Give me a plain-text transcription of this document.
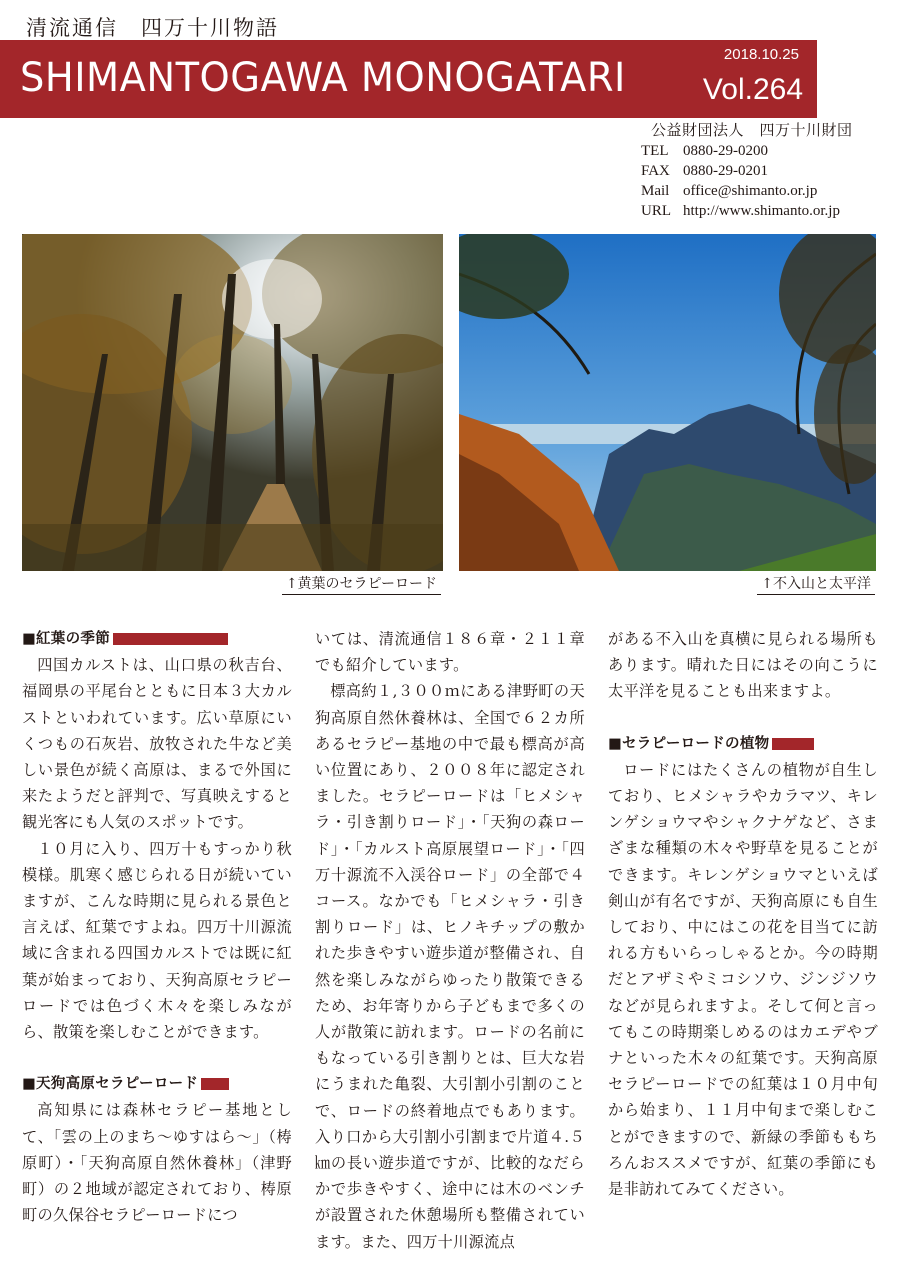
清流通信　四万十川物語
SHIMANTOGAWA MONOGATARI
2018.10.25
Vol.264
公益財団法人　四万十川財団
TEL 0880-29-0200
FAX 0880-29-0201
Mail office@shimanto.or.jp
URL http://www.shimanto.or.jp
↑黄葉のセラピーロード	↑不入山と太平洋
■紅葉の季節

四国カルストは、山口県の秋吉台、福岡県の平尾台とともに日本３大カルストといわれています。広い草原にいくつもの石灰岩、放牧された牛など美しい景色が続く高原は、まるで外国に来たようだと評判で、写真映えすると観光客にも人気のスポットです。

１０月に入り、四万十もすっかり秋模様。肌寒く感じられる日が続いていますが、こんな時期に見られる景色と言えば、紅葉ですよね。四万十川源流域に含まれる四国カルストでは既に紅葉が始まっており、天狗高原セラピーロードでは色づく木々を楽しみながら、散策を楽しむことができます。

■天狗高原セラピーロード

高知県には森林セラピー基地として、「雲の上のまち～ゆすはら～」（梼原町）・「天狗高原自然休養林」（津野町）の２地域が認定されており、梼原町の久保谷セラピーロードにつ

いては、清流通信１８６章・２１１章でも紹介しています。

標高約１,３００ｍにある津野町の天狗高原自然休養林は、全国で６２カ所あるセラピー基地の中で最も標高が高い位置にあり、２００８年に認定されました。セラピーロードは「ヒメシャラ・引き割りロード」・「天狗の森ロード」・「カルスト高原展望ロード」・「四万十源流不入渓谷ロード」の全部で４コース。なかでも「ヒメシャラ・引き割りロード」は、ヒノキチップの敷かれた歩きやすい遊歩道が整備され、自然を楽しみながらゆったり散策できるため、お年寄りから子どもまで多くの人が散策に訪れます。ロードの名前にもなっている引き割りとは、巨大な岩にうまれた亀裂、大引割小引割のことで、ロードの終着地点でもあります。入り口から大引割小引割まで片道４.５㎞の長い遊歩道ですが、比較的なだらかで歩きやすく、途中には木のベンチが設置された休憩場所も整備されています。また、四万十川源流点

がある不入山を真横に見られる場所もあります。晴れた日にはその向こうに太平洋を見ることも出来ますよ。

■セラピーロードの植物

ロードにはたくさんの植物が自生しており、ヒメシャラやカラマツ、キレンゲショウマやシャクナゲなど、さまざまな種類の木々や野草を見ることができます。キレンゲショウマといえば剣山が有名ですが、天狗高原にも自生しており、中にはこの花を目当てに訪れる方もいらっしゃるとか。今の時期だとアザミやミコシソウ、ジンジソウなどが見られますよ。そして何と言ってもこの時期楽しめるのはカエデやブナといった木々の紅葉です。天狗高原セラピーロードでの紅葉は１０月中旬から始まり、１１月中旬まで楽しむことができますので、新緑の季節ももちろんおススメですが、紅葉の季節にも是非訪れてみてください。
